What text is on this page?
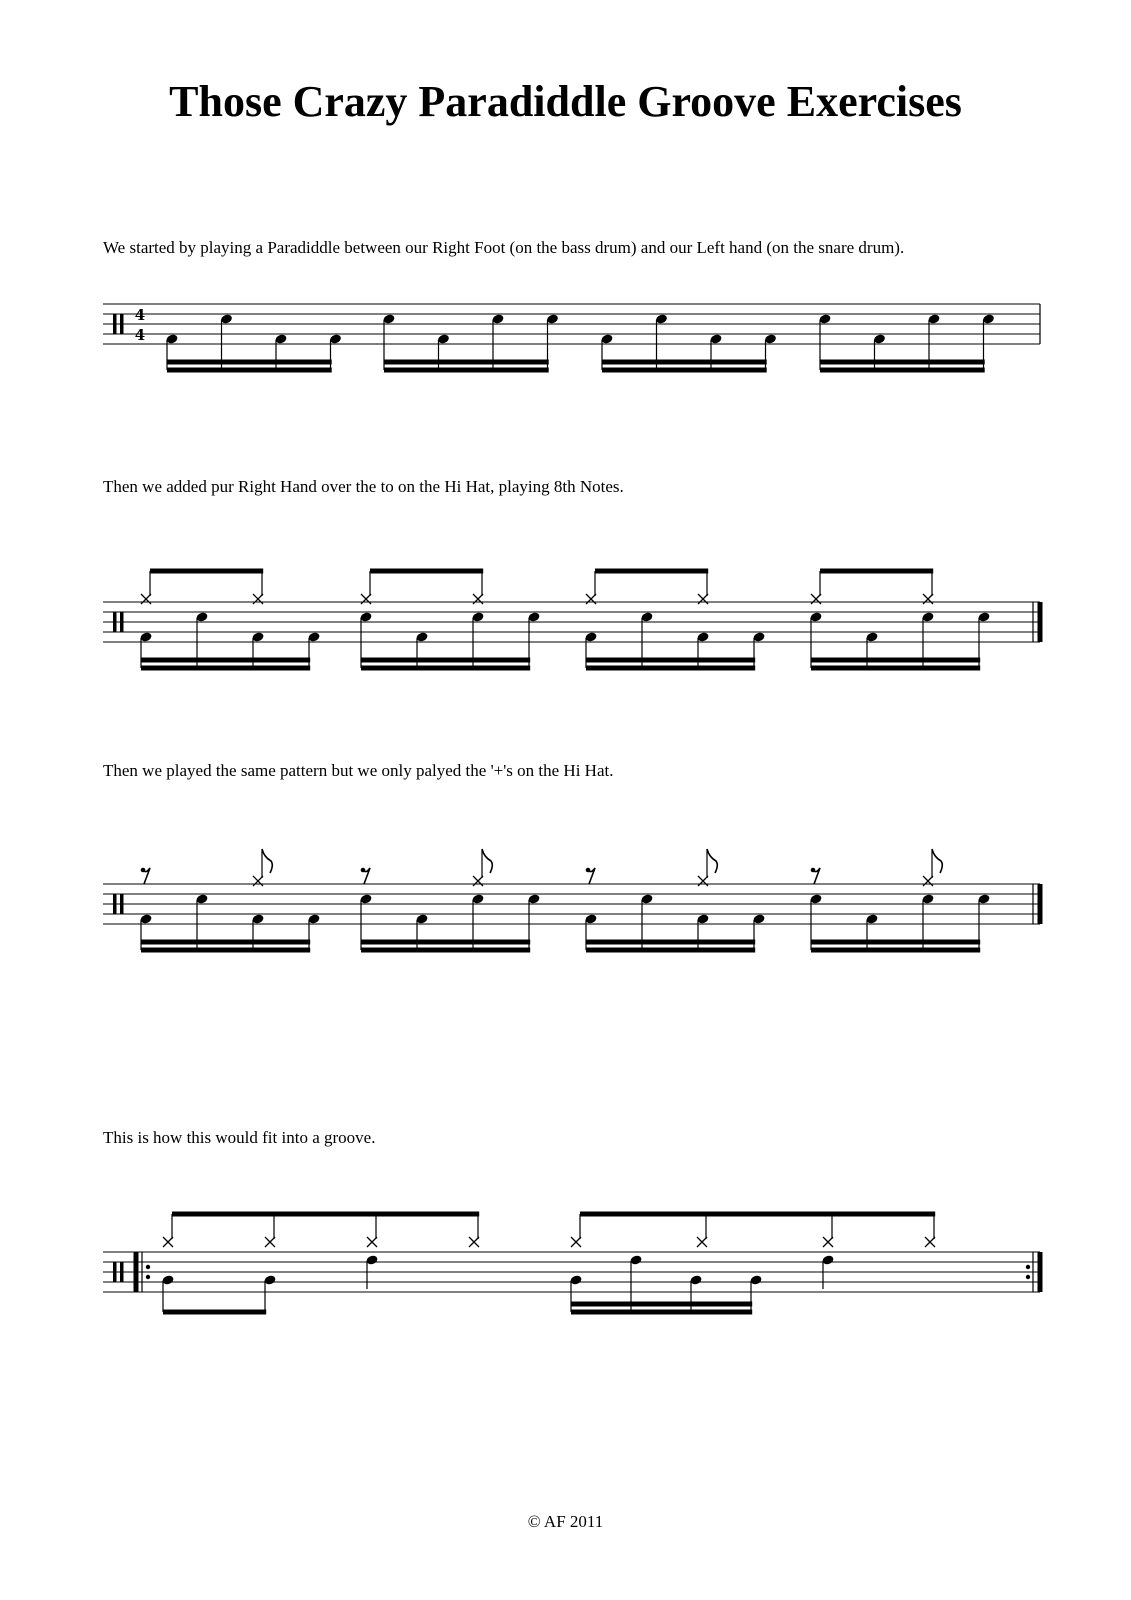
Those Crazy Paradiddle Groove Exercises

We started by playing a Paradiddle between our Right Foot (on the bass drum) and our Left hand (on the snare drum).

Then we added pur Right Hand over the to on the Hi Hat, playing 8th Notes.

Then we played the same pattern but we only palyed the '+'s on the Hi Hat.

This is how this would fit into a groove.

4
4

© AF 2011
